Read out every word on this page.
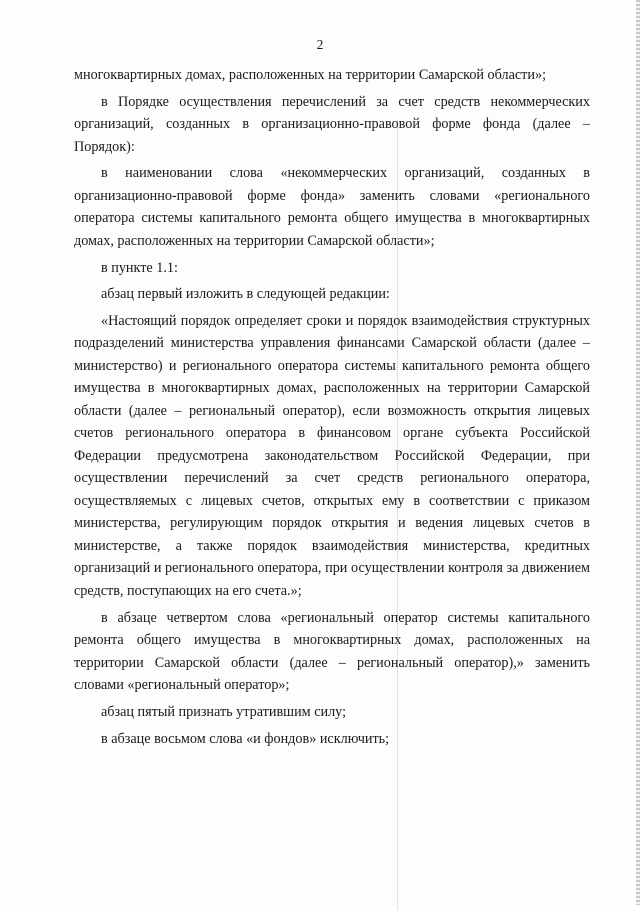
2

многоквартирных домах, расположенных на территории Самарской области»;

в Порядке осуществления перечислений за счет средств некоммерческих организаций, созданных в организационно-правовой форме фонда (далее – Порядок):

в наименовании слова «некоммерческих организаций, созданных в организационно-правовой форме фонда» заменить словами «регионального оператора системы капитального ремонта общего имущества в многоквартирных домах, расположенных на территории Самарской области»;

в пункте 1.1:

абзац первый изложить в следующей редакции:

«Настоящий порядок определяет сроки и порядок взаимодействия структурных подразделений министерства управления финансами Самарской области (далее – министерство) и регионального оператора системы капитального ремонта общего имущества в многоквартирных домах, расположенных на территории Самарской области (далее – региональный оператор), если возможность открытия лицевых счетов регионального оператора в финансовом органе субъекта Российской Федерации предусмотрена законодательством Российской Федерации, при осуществлении перечислений за счет средств регионального оператора, осуществляемых с лицевых счетов, открытых ему в соответствии с приказом министерства, регулирующим порядок открытия и ведения лицевых счетов в министерстве, а также порядок взаимодействия министерства, кредитных организаций и регионального оператора, при осуществлении контроля за движением средств, поступающих на его счета.»;

в абзаце четвертом слова «региональный оператор системы капитального ремонта общего имущества в многоквартирных домах, расположенных на территории Самарской области (далее – региональный оператор),» заменить словами «региональный оператор»;

абзац пятый признать утратившим силу;

в абзаце восьмом слова «и фондов» исключить;
